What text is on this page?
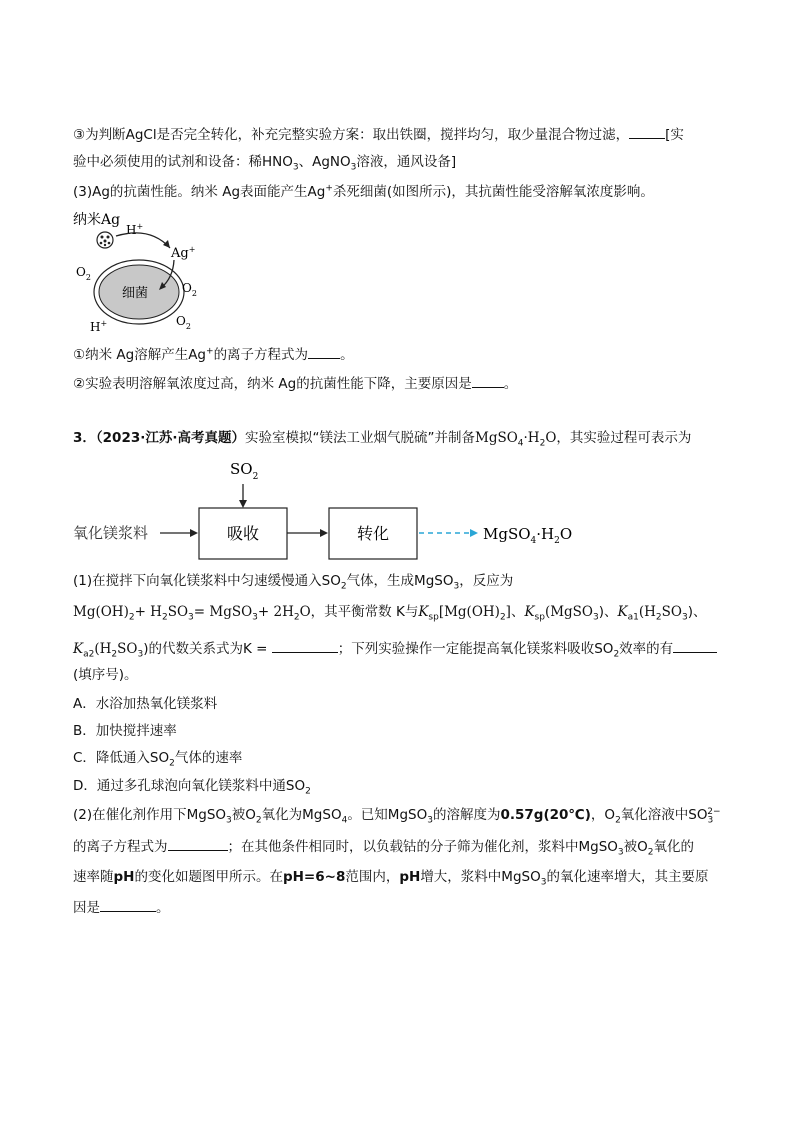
③为判断AgCl是否完全转化，补充完整实验方案：取出铁圈，搅拌均匀，取少量混合物过滤，	[实
验中必须使用的试剂和设备：稀$HNO_3$、AgNO$_3$溶液，通风设备]
(3)Ag的抗菌性能。纳米 Ag表面能产生Ag+杀死细菌(如图所示)，其抗菌性能受溶解氧浓度影响。
纳米Ag
H+
Ag+
细菌
$O_2$
$O_2$
$O_2$
H+
①纳米 Ag溶解产生Ag+的离子方程式为 。
②实验表明溶解氧浓度过高，纳米 Ag的抗菌性能下降，主要原因是 。
3．（2023·江苏·高考真题）实验室模拟“镁法工业烟气脱硫”并制备$MgSO_4\cdot H_2O$，其实验过程可表示为
$SO_2$
氧化镁浆料	吸收	转化	$MgSO_4\cdot H_2O$
(1)在搅拌下向氧化镁浆料中匀速缓慢通入$SO_2$气体，生成MgSO$_3$，反应为
$Mg(OH)_2+ H_2SO_3=$ MgSO$_3$+ $2H_2O$，其平衡常数 K与$K_{sp}[Mg(OH)_2]$、$K_{sp}(MgSO_3)$、$K_{a1}(H_2SO_3)$、
$K_{a2}(H_2SO_3)$的代数关系式为K =	；下列实验操作一定能提高氧化镁浆料吸收$SO_2$效率的有
(填序号)。
A．水浴加热氧化镁浆料
B．加快搅拌速率
C．降低通入$SO_2$气体的速率
D．通过多孔球泡向氧化镁浆料中通$SO_2$
(2)在催化剂作用下MgSO$_3$被$O_2$氧化为MgSO$_4$。已知MgSO$_3$的溶解度为0.57g(20℃)，$O_2$氧化溶液中$SO_3^{2-}$
的离子方程式为	；在其他条件相同时，以负载钴的分子筛为催化剂，浆料中MgSO$_3$被$O_2$氧化的
速率随pH的变化如题图甲所示。在pH=6~8范围内，pH增大，浆料中MgSO$_3$的氧化速率增大，其主要原
因是	。
